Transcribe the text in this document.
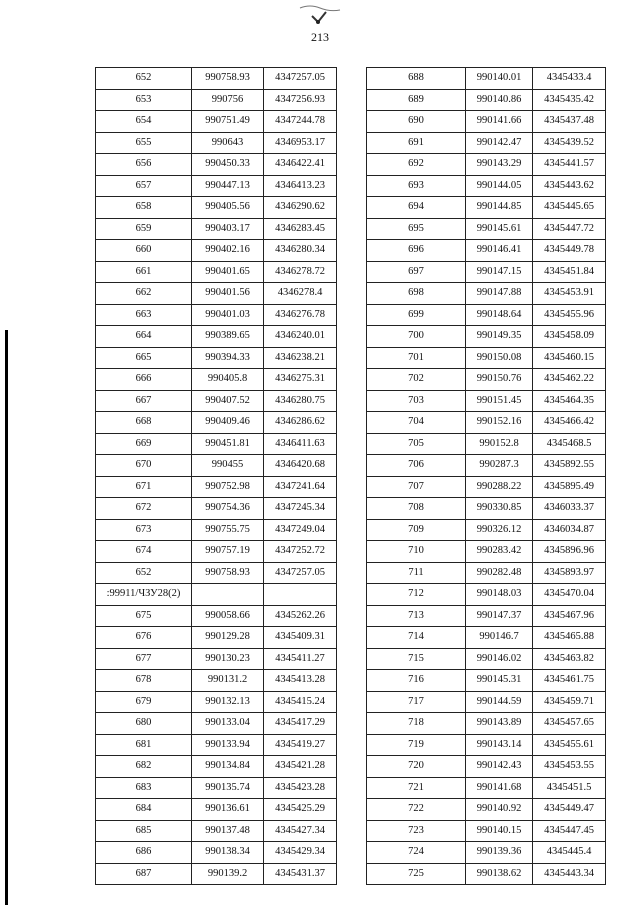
213
652	990758.93	4347257.05
653	990756	4347256.93
654	990751.49	4347244.78
655	990643	4346953.17
656	990450.33	4346422.41
657	990447.13	4346413.23
658	990405.56	4346290.62
659	990403.17	4346283.45
660	990402.16	4346280.34
661	990401.65	4346278.72
662	990401.56	4346278.4
663	990401.03	4346276.78
664	990389.65	4346240.01
665	990394.33	4346238.21
666	990405.8	4346275.31
667	990407.52	4346280.75
668	990409.46	4346286.62
669	990451.81	4346411.63
670	990455	4346420.68
671	990752.98	4347241.64
672	990754.36	4347245.34
673	990755.75	4347249.04
674	990757.19	4347252.72
652	990758.93	4347257.05
:99911/ЧЗУ28(2)		
675	990058.66	4345262.26
676	990129.28	4345409.31
677	990130.23	4345411.27
678	990131.2	4345413.28
679	990132.13	4345415.24
680	990133.04	4345417.29
681	990133.94	4345419.27
682	990134.84	4345421.28
683	990135.74	4345423.28
684	990136.61	4345425.29
685	990137.48	4345427.34
686	990138.34	4345429.34
687	990139.2	4345431.37
688	990140.01	4345433.4
689	990140.86	4345435.42
690	990141.66	4345437.48
691	990142.47	4345439.52
692	990143.29	4345441.57
693	990144.05	4345443.62
694	990144.85	4345445.65
695	990145.61	4345447.72
696	990146.41	4345449.78
697	990147.15	4345451.84
698	990147.88	4345453.91
699	990148.64	4345455.96
700	990149.35	4345458.09
701	990150.08	4345460.15
702	990150.76	4345462.22
703	990151.45	4345464.35
704	990152.16	4345466.42
705	990152.8	4345468.5
706	990287.3	4345892.55
707	990288.22	4345895.49
708	990330.85	4346033.37
709	990326.12	4346034.87
710	990283.42	4345896.96
711	990282.48	4345893.97
712	990148.03	4345470.04
713	990147.37	4345467.96
714	990146.7	4345465.88
715	990146.02	4345463.82
716	990145.31	4345461.75
717	990144.59	4345459.71
718	990143.89	4345457.65
719	990143.14	4345455.61
720	990142.43	4345453.55
721	990141.68	4345451.5
722	990140.92	4345449.47
723	990140.15	4345447.45
724	990139.36	4345445.4
725	990138.62	4345443.34
